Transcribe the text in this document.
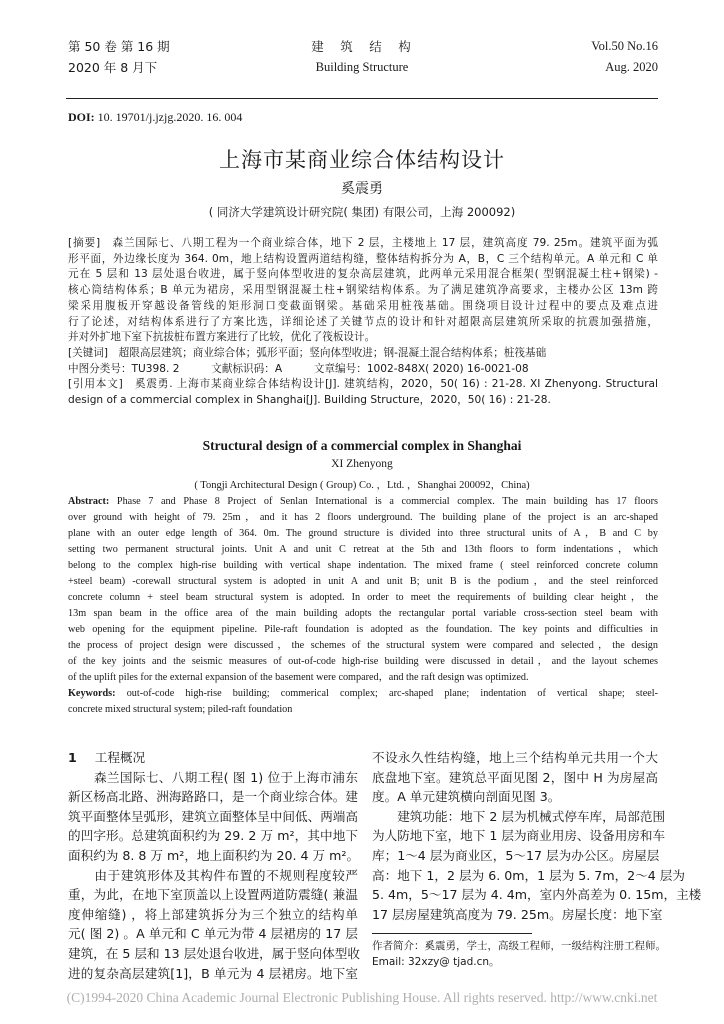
第 50 卷 第 16 期
2020 年 8 月下
建　筑　结　构
Building Structure
Vol.50 No.16
Aug. 2020
DOI: 10. 19701/j.jzjg.2020. 16. 004
上海市某商业综合体结构设计
奚震勇
( 同济大学建筑设计研究院( 集团) 有限公司，上海 200092)
[摘要]　森兰国际七、八期工程为一个商业综合体，地下 2 层，主楼地上 17 层，建筑高度 79. 25m。建筑平面为弧
形平面，外边缘长度为 364. 0m，地上结构设置两道结构缝，整体结构拆分为 A，B，C 三个结构单元。A 单元和 C 单
元在 5 层和 13 层处退台收进，属于竖向体型收进的复杂高层建筑，此两单元采用混合框架( 型钢混凝土柱+钢梁) -
核心筒结构体系；B 单元为裙房，采用型钢混凝土柱+钢梁结构体系。为了满足建筑净高要求，主楼办公区 13m 跨
梁采用腹板开穿越设备管线的矩形洞口变截面钢梁。基础采用桩筏基础。围绕项目设计过程中的要点及难点进
行了论述，对结构体系进行了方案比选，详细论述了关键节点的设计和针对超限高层建筑所采取的抗震加强措施，
并对外扩地下室下抗拔桩布置方案进行了比较，优化了筏板设计。
[关键词]　超限高层建筑；商业综合体；弧形平面；竖向体型收进；钢-混凝土混合结构体系；桩筏基础
中图分类号：TU398. 2　　　文献标识码：A　　　文章编号：1002-848X( 2020) 16-0021-08
[引用本文]　奚震勇. 上海市某商业综合体结构设计[J]. 建筑结构，2020，50( 16) : 21-28. XI Zhenyong. Structural
design of a commercial complex in Shanghai[J]. Building Structure，2020，50( 16) : 21-28.
Structural design of a commercial complex in Shanghai
XI Zhenyong
( Tongji Architectural Design ( Group) Co. ，Ltd. ，Shanghai 200092，China)
Abstract: Phase 7 and Phase 8 Project of Senlan International is a commercial complex. The main building has 17 floors
over ground with height of 79. 25m，and it has 2 floors underground. The building plane of the project is an arc-shaped
plane with an outer edge length of 364. 0m. The ground structure is divided into three structural units of A，B and C by
setting two permanent structural joints. Unit A and unit C retreat at the 5th and 13th floors to form indentations，which
belong to the complex high-rise building with vertical shape indentation. The mixed frame ( steel reinforced concrete column
+steel beam) -corewall structural system is adopted in unit A and unit B; unit B is the podium，and the steel reinforced
concrete column + steel beam structural system is adopted. In order to meet the requirements of building clear height，the
13m span beam in the office area of the main building adopts the rectangular portal variable cross-section steel beam with
web opening for the equipment pipeline. Pile-raft foundation is adopted as the foundation. The key points and difficulties in
the process of project design were discussed，the schemes of the structural system were compared and selected，the design
of the key joints and the seismic measures of out-of-code high-rise building were discussed in detail，and the layout schemes
of the uplift piles for the external expansion of the basement were compared，and the raft design was optimized.
Keywords: out-of-code high-rise building; commerical complex; arc-shaped plane; indentation of vertical shape; steel-
concrete mixed structural system; piled-raft foundation
1 工程概况
　　森兰国际七、八期工程( 图 1) 位于上海市浦东
新区杨高北路、洲海路路口，是一个商业综合体。建
筑平面整体呈弧形，建筑立面整体呈中间低、两端高
的凹字形。总建筑面积约为 29. 2 万 m²，其中地下
面积约为 8. 8 万 m²，地上面积约为 20. 4 万 m²。
　　由于建筑形体及其构件布置的不规则程度较严
重，为此，在地下室顶盖以上设置两道防震缝( 兼温
度伸缩缝) ，将上部建筑拆分为三个独立的结构单
元( 图 2) 。A 单元和 C 单元为带 4 层裙房的 17 层
建筑，在 5 层和 13 层处退台收进，属于竖向体型收
进的复杂高层建筑[1]，B 单元为 4 层裙房。地下室
不设永久性结构缝，地上三个结构单元共用一个大
底盘地下室。建筑总平面见图 2，图中 H 为房屋高
度。A 单元建筑横向剖面见图 3。
　　建筑功能：地下 2 层为机械式停车库，局部范围
为人防地下室，地下 1 层为商业用房、设备用房和车
库；1～4 层为商业区，5～17 层为办公区。房屋层
高：地下 1，2 层为 6. 0m，1 层为 5. 7m，2～4 层为
5. 4m，5～17 层为 4. 4m，室内外高差为 0. 15m，主楼
17 层房屋建筑高度为 79. 25m。房屋长度：地下室
作者简介：奚震勇，学士，高级工程师，一级结构注册工程师。
Email: 32xzy@ tjad.cn。
(C)1994-2020 China Academic Journal Electronic Publishing House. All rights reserved. http://www.cnki.net
